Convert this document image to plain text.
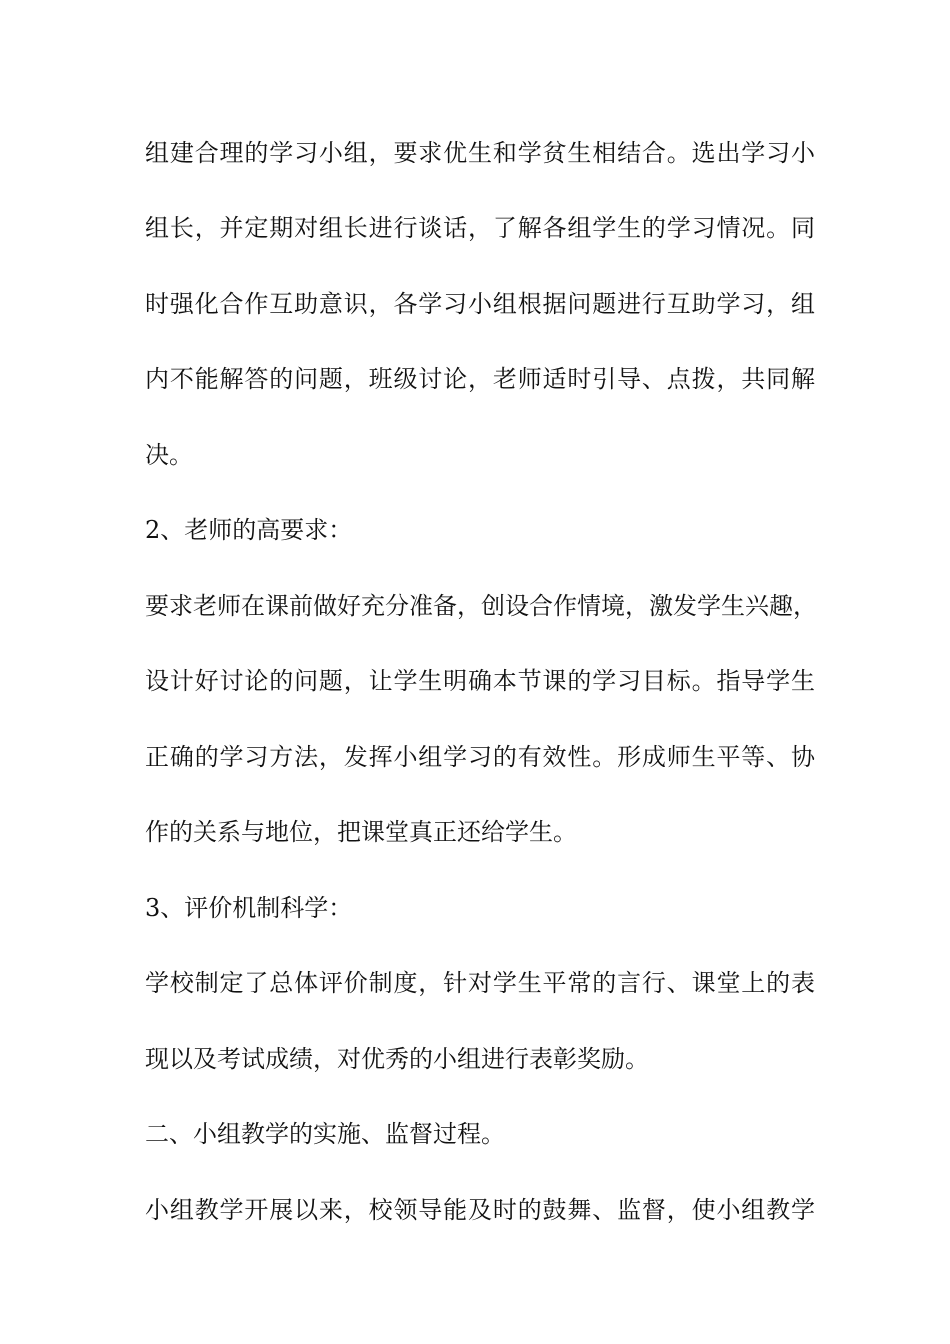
组建合理的学习小组，要求优生和学贫生相结合。选出学习小
组长，并定期对组长进行谈话，了解各组学生的学习情况。同
时强化合作互助意识，各学习小组根据问题进行互助学习，组
内不能解答的问题，班级讨论，老师适时引导、点拨，共同解
决。
2、老师的高要求：
要求老师在课前做好充分准备，创设合作情境，激发学生兴趣，
设计好讨论的问题，让学生明确本节课的学习目标。指导学生
正确的学习方法，发挥小组学习的有效性。形成师生平等、协
作的关系与地位，把课堂真正还给学生。
3、评价机制科学：
学校制定了总体评价制度，针对学生平常的言行、课堂上的表
现以及考试成绩，对优秀的小组进行表彰奖励。
二、小组教学的实施、监督过程。
小组教学开展以来，校领导能及时的鼓舞、监督，使小组教学
